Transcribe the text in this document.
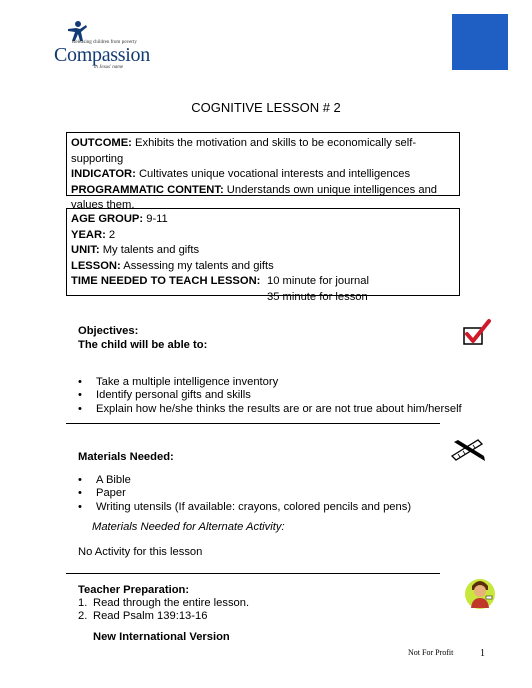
Releasing children from poverty
Compassion
in Jesus' name
COGNITIVE LESSON # 2
OUTCOME: Exhibits the motivation and skills to be economically self-supporting
INDICATOR: Cultivates unique vocational interests and intelligences
PROGRAMMATIC CONTENT: Understands own unique intelligences and values them.
AGE GROUP: 9-11
YEAR: 2
UNIT: My talents and gifts
LESSON: Assessing my talents and gifts
TIME NEEDED TO TEACH LESSON: 10 minute for journal
35 minute for lesson

Objectives:
The child will be able to:
• Take a multiple intelligence inventory
• Identify personal gifts and skills
• Explain how he/she thinks the results are or are not true about him/herself
Materials Needed:
• A Bible
• Paper
• Writing utensils (If available: crayons, colored pencils and pens)
Materials Needed for Alternate Activity:
No Activity for this lesson
Teacher Preparation:
1. Read through the entire lesson.
2. Read Psalm 139:13-16
New International Version
Not For Profit	1
